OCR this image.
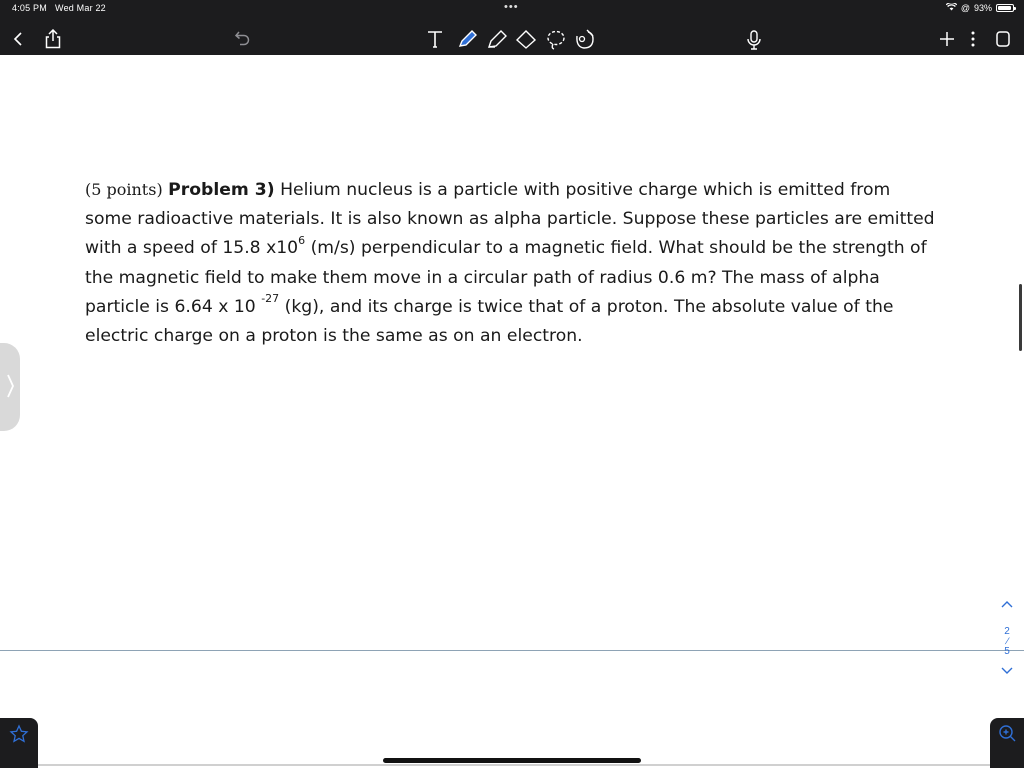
4:05 PM Wed Mar 22	•••	@ 93%
(5 points) Problem 3) Helium nucleus is a particle with positive charge which is emitted from some radioactive materials. It is also known as alpha particle. Suppose these particles are emitted with a speed of 15.8 $x10^6$ (m/s) perpendicular to a magnetic field. What should be the strength of the magnetic field to make them move in a circular path of radius 0.6 m? The mass of alpha particle is 6.64 x 10 $^{-27}$ (kg), and its charge is twice that of a proton. The absolute value of the electric charge on a proton is the same as on an electron.
2
/
5
